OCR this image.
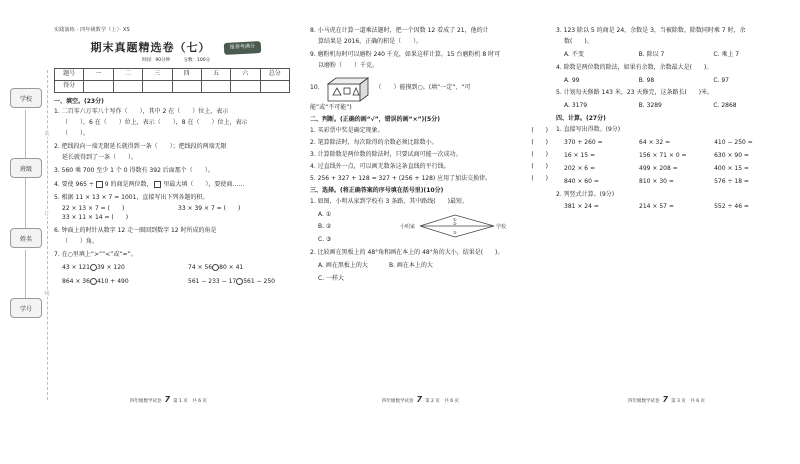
学校
班级
姓名
学号
装
订
线
实践演练 · 四年级数学（上）· XS
期末真题精选卷（七）	报春考满分
时间：90分钟	分数：100分
题号	一	二	三	四	五	六	总分
得分							
一、填空。(23分)
1. 二百零六万零八十写作（　　），其中 2 在（　　）位上，表示
（　　），6 在（　　）位上，表示（　　），8 在（　　）位上，表示
（　　）。
2. 把线段向一端无限延长就得到一条（　　）；把线段的两端无限
延长就得到了一条（　　）。
3. 560 乘 700 至少 1 个 0 得数有 392 后面那个（　　）。
4. 要使 965 ÷ 9 的商是两位数， 里最大填（　　），要使商……
5. 根据 11 × 13 × 7 = 1001，直接写出下列各题的积。
22 × 13 × 7 = (　　)	33 × 39 × 7 = (　　)
33 × 11 × 14 = (　　)
6. 钟面上的时针从数字 12 走一圈回到数字 12 时所成的角是
（　　）角。
7. 在○里填上“>”“<”或“=”。
43 × 121 39 × 120	74 × 56 80 × 41
864 × 36 410 + 490	561 − 233 − 17 561 − 250
四年级数学试卷 7 第 1 页　共 6 页
8. 小马虎在计算一道乘法题时，把一个因数 12 看成了 21，他的计
算结果是 2016，正确的积是（　　）。
9. 磨粉机每时可以磨粉 240 千克，如果这样计算，15 台磨粉机 8 时可
以磨粉（　　）千克。
10.	（　　）能摸到○。(填“一定”、“可
能”或“不可能”)
二、判断。(正确的画“√”，错误的画“×”)(5分)
1. 买彩票中奖是确定现象。	(　　)
2. 笔算除法时，每次除得的余数必须比除数小。	(　　)
3. 计算除数是两位数的除法时，只要试商可能一次成功。	(　　)
4. 过直线外一点，可以画无数条这条直线的平行线。	(　　)
5. 256 + 327 + 128 = 327 + (256 + 128) 应用了加法交换律。	(　　)
三、选择。(将正确答案的序号填在括号里)(10分)
1. 如图，小明从家到学校有 3 条路，其中路线(　　)最短。
A. ①
B. ②
C. ③
小明家	学校
①
②
③
2. 比较画在黑板上的 48°角和画在本上的 48°角的大小，结果是(　　)。
A. 画在黑板上的大	B. 画在本上的大
C. 一样大
四年级数学试卷 7 第 2 页　共 6 页
3. 123 除以 5 的商是 24，余数是 3，当被除数、除数同时乘 7 时，余
数(　　)。
A. 不变	B. 除以 7	C. 乘上 7
4. 除数是两位数的除法，如果有余数，余数最大是(　　)。
A. 99	B. 98	C. 97
5. 计划每天修路 143 米，23 天修完，这条路长(　　)米。
A. 3179	B. 3289	C. 2868
四、计算。(27分)
1. 直接写出得数。(9分)
370 + 260 =	64 × 32 =	410 − 250 =
16 × 15 =	156 × 71 × 0 =	630 × 90 =
202 × 6 =	499 × 208 =	400 × 15 =
840 × 60 =	810 × 30 =	576 ÷ 18 =
2. 列竖式计算。(9分)
381 × 24 =	214 × 57 =	552 ÷ 46 =
四年级数学试卷 7 第 3 页　共 6 页
